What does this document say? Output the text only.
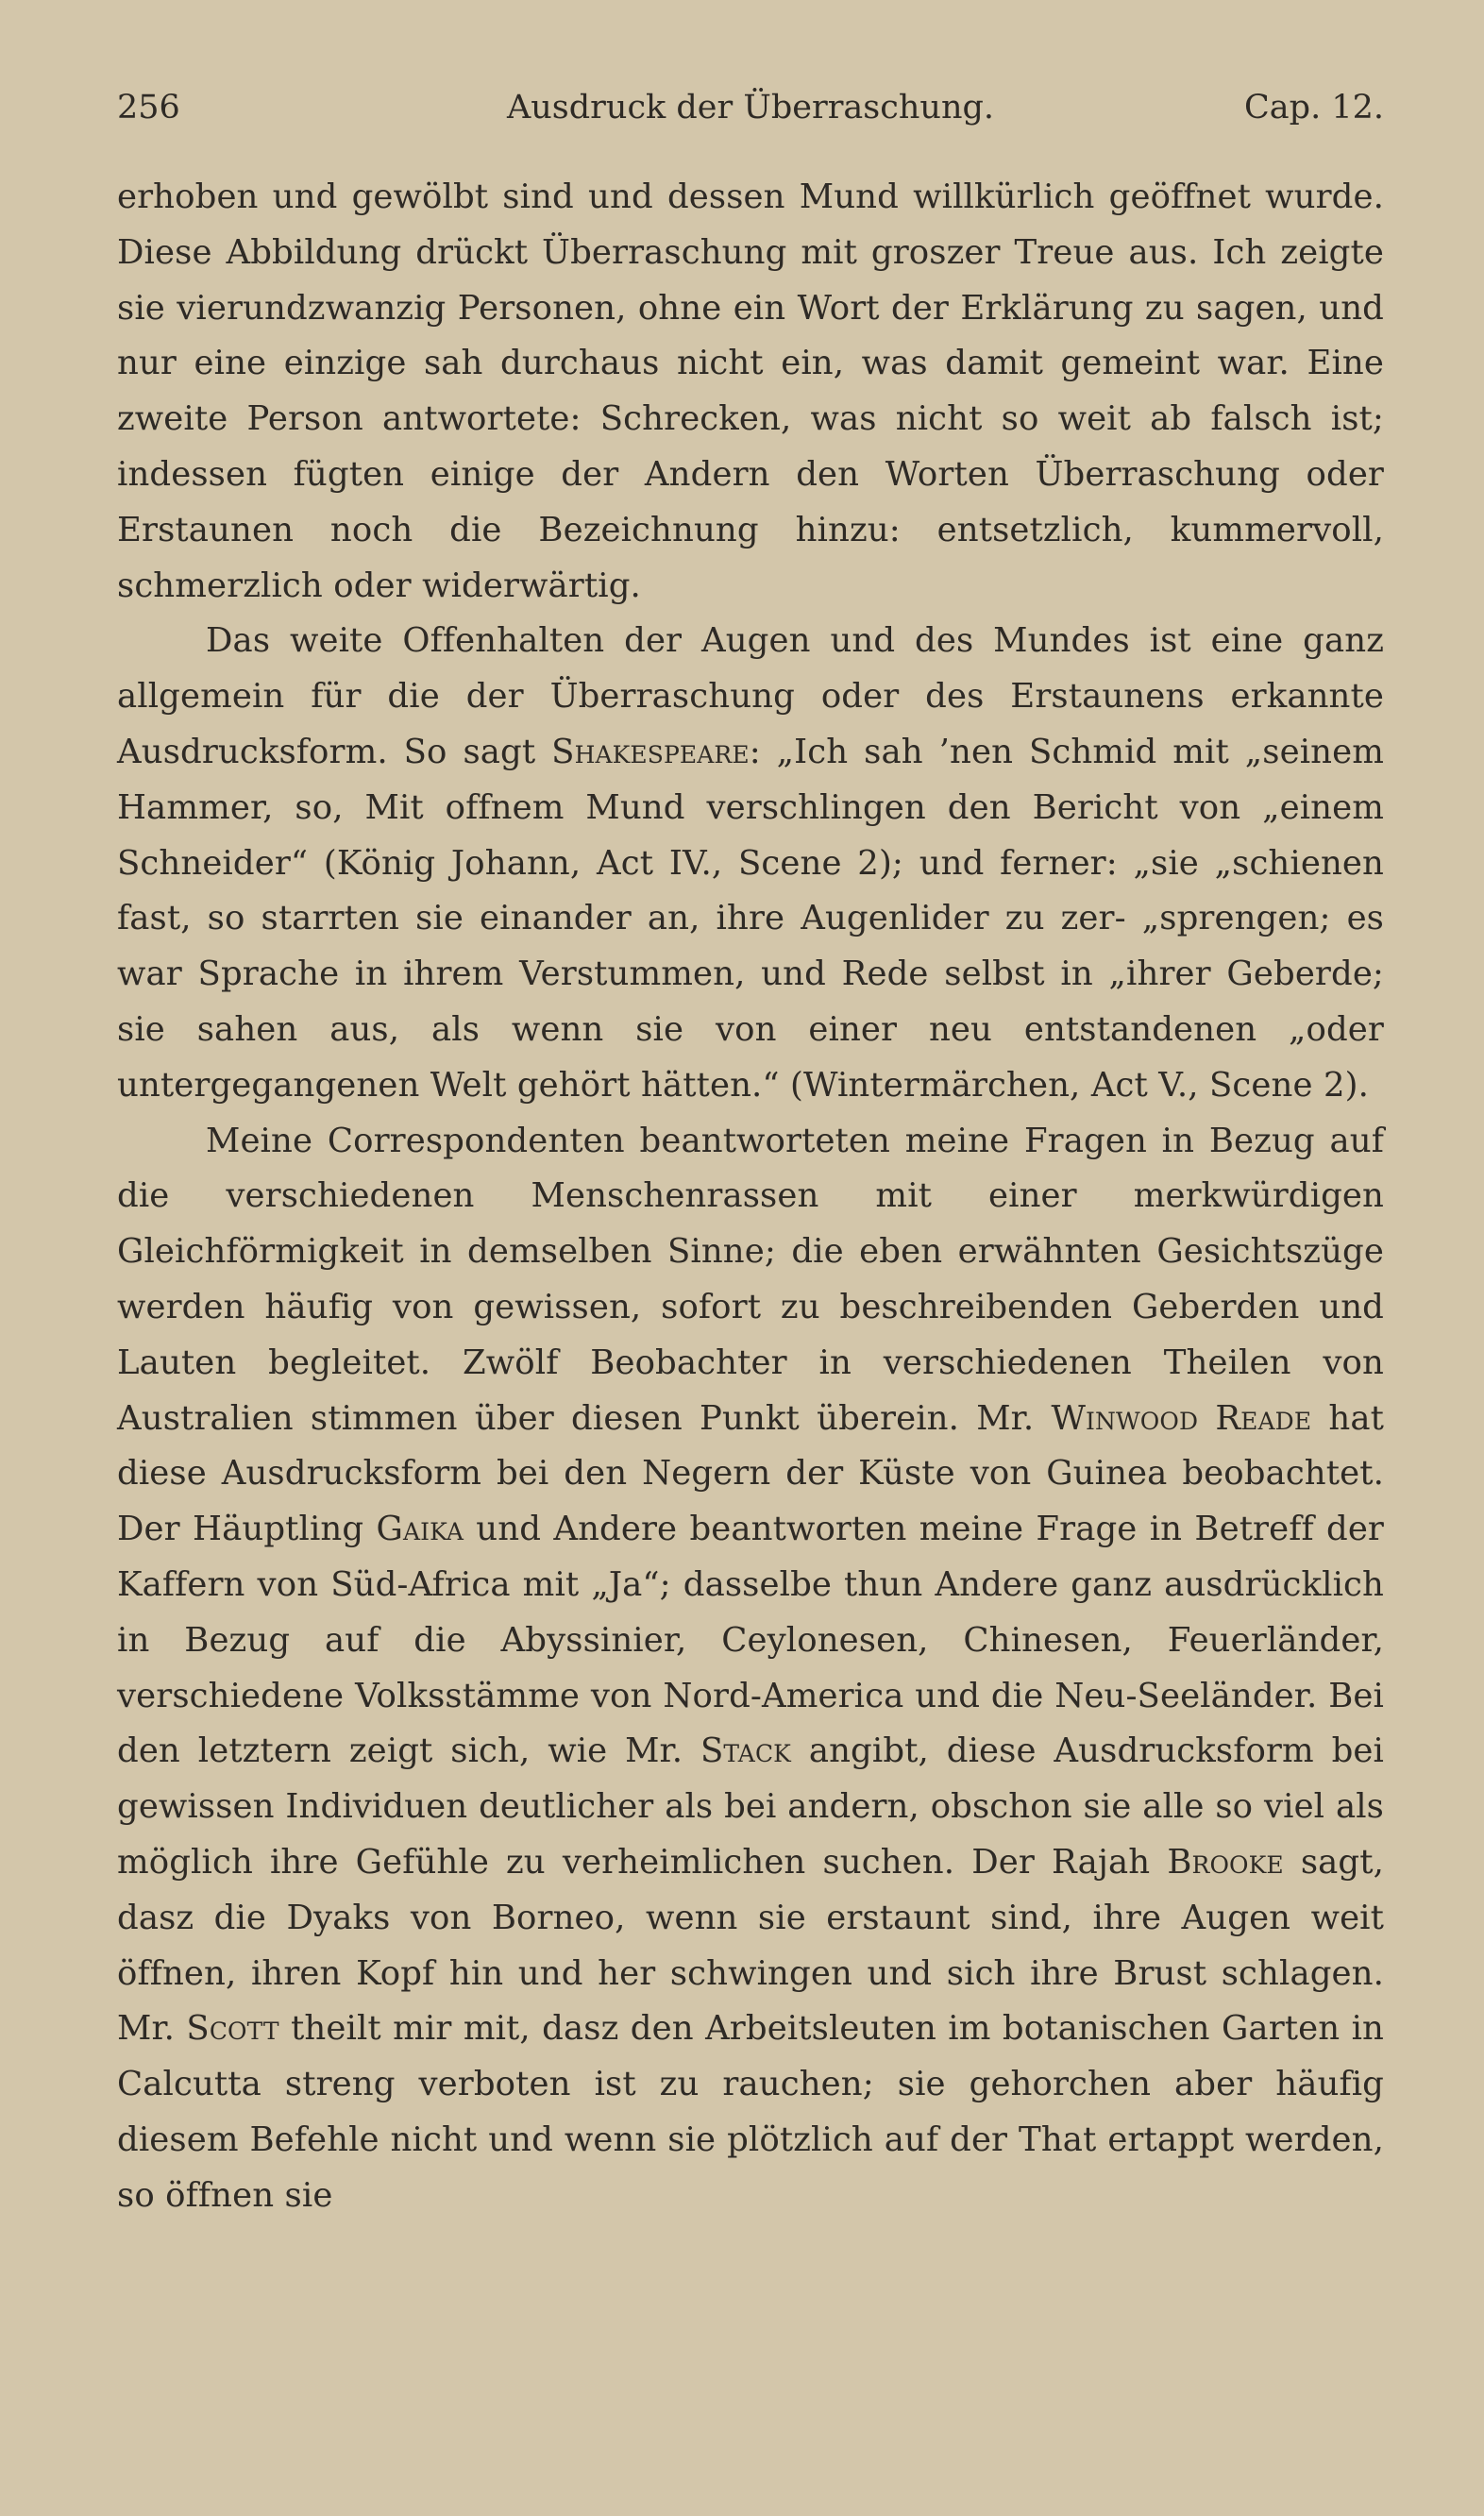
256	Ausdruck der Überraschung.	Cap. 12.

erhoben und gewölbt sind und dessen Mund willkürlich geöffnet wurde. Diese Abbildung drückt Überraschung mit groszer Treue aus. Ich zeigte sie vierundzwanzig Personen, ohne ein Wort der Erklärung zu sagen, und nur eine einzige sah durchaus nicht ein, was damit gemeint war. Eine zweite Person antwortete: Schrecken, was nicht so weit ab falsch ist; indessen fügten einige der Andern den Worten Überraschung oder Erstaunen noch die Bezeichnung hinzu: entsetzlich, kummervoll, schmerzlich oder widerwärtig.

Das weite Offenhalten der Augen und des Mundes ist eine ganz allgemein für die der Überraschung oder des Erstaunens erkannte Ausdrucksform. So sagt Shakespeare: „Ich sah ’nen Schmid mit „seinem Hammer, so, Mit offnem Mund verschlingen den Bericht von „einem Schneider“ (König Johann, Act IV., Scene 2); und ferner: „sie „schienen fast, so starrten sie einander an, ihre Augenlider zu zer- „sprengen; es war Sprache in ihrem Verstummen, und Rede selbst in „ihrer Geberde; sie sahen aus, als wenn sie von einer neu entstandenen „oder untergegangenen Welt gehört hätten.“ (Wintermärchen, Act V., Scene 2).

Meine Correspondenten beantworteten meine Fragen in Bezug auf die verschiedenen Menschenrassen mit einer merkwürdigen Gleichförmigkeit in demselben Sinne; die eben erwähnten Gesichtszüge werden häufig von gewissen, sofort zu beschreibenden Geberden und Lauten begleitet. Zwölf Beobachter in verschiedenen Theilen von Australien stimmen über diesen Punkt überein. Mr. Winwood Reade hat diese Ausdrucksform bei den Negern der Küste von Guinea beobachtet. Der Häuptling Gaika und Andere beantworten meine Frage in Betreff der Kaffern von Süd-Africa mit „Ja“; dasselbe thun Andere ganz ausdrücklich in Bezug auf die Abyssinier, Ceylonesen, Chinesen, Feuerländer, verschiedene Volksstämme von Nord-America und die Neu-Seeländer. Bei den letztern zeigt sich, wie Mr. Stack angibt, diese Ausdrucksform bei gewissen Individuen deutlicher als bei andern, obschon sie alle so viel als möglich ihre Gefühle zu verheimlichen suchen. Der Rajah Brooke sagt, dasz die Dyaks von Borneo, wenn sie erstaunt sind, ihre Augen weit öffnen, ihren Kopf hin und her schwingen und sich ihre Brust schlagen. Mr. Scott theilt mir mit, dasz den Arbeitsleuten im botanischen Garten in Calcutta streng verboten ist zu rauchen; sie gehorchen aber häufig diesem Befehle nicht und wenn sie plötzlich auf der That ertappt werden, so öffnen sie
